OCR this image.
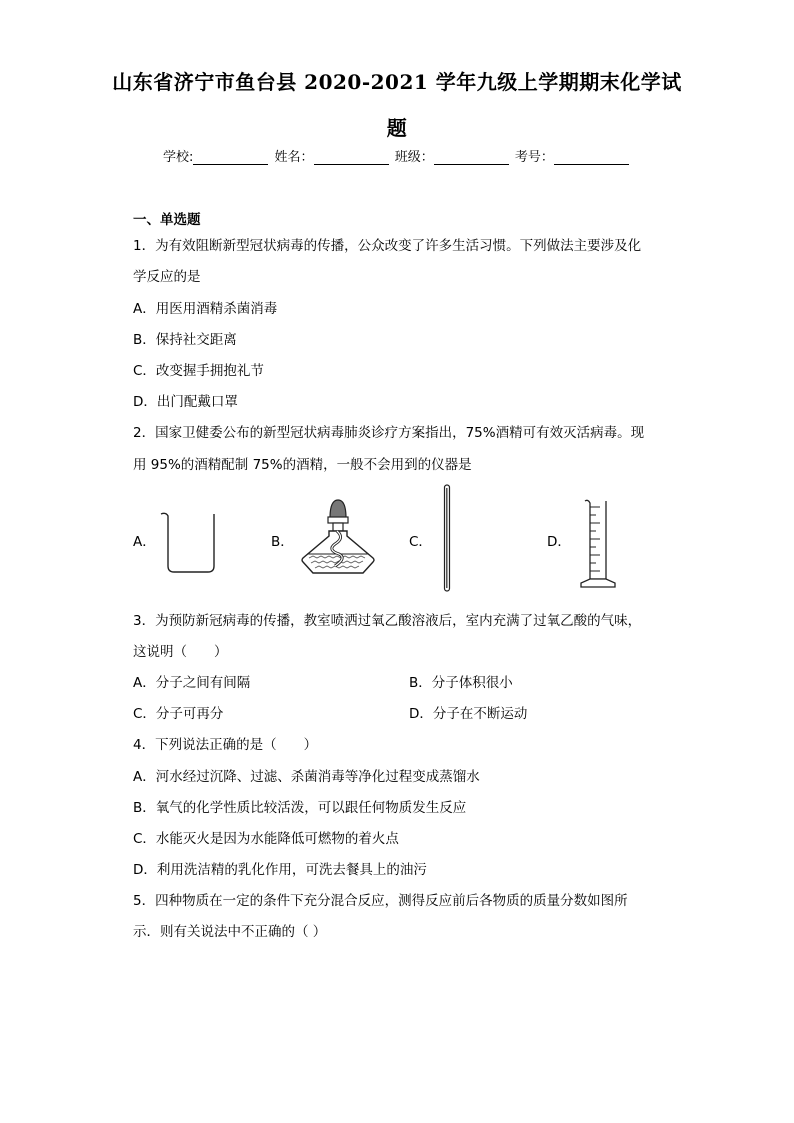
山东省济宁市鱼台县 2020-2021 学年九级上学期期末化学试
题
学校:	姓名：	班级：	考号：
一、单选题
1．为有效阻断新型冠状病毒的传播，公众改变了许多生活习惯。下列做法主要涉及化
学反应的是
A．用医用酒精杀菌消毒
B．保持社交距离
C．改变握手拥抱礼节
D．出门配戴口罩
2．国家卫健委公布的新型冠状病毒肺炎诊疗方案指出，75%酒精可有效灭活病毒。现
用 95%的酒精配制 75%的酒精，一般不会用到的仪器是
A．	B．	C．	D．
3．为预防新冠病毒的传播，教室喷洒过氧乙酸溶液后，室内充满了过氧乙酸的气味，
这说明（　　）
A．分子之间有间隔	B．分子体积很小
C．分子可再分	D．分子在不断运动
4．下列说法正确的是（　　）
A．河水经过沉降、过滤、杀菌消毒等净化过程变成蒸馏水
B．氧气的化学性质比较活泼，可以跟任何物质发生反应
C．水能灭火是因为水能降低可燃物的着火点
D．利用洗洁精的乳化作用，可洗去餐具上的油污
5．四种物质在一定的条件下充分混合反应，测得反应前后各物质的质量分数如图所
示．则有关说法中不正确的（ ）
